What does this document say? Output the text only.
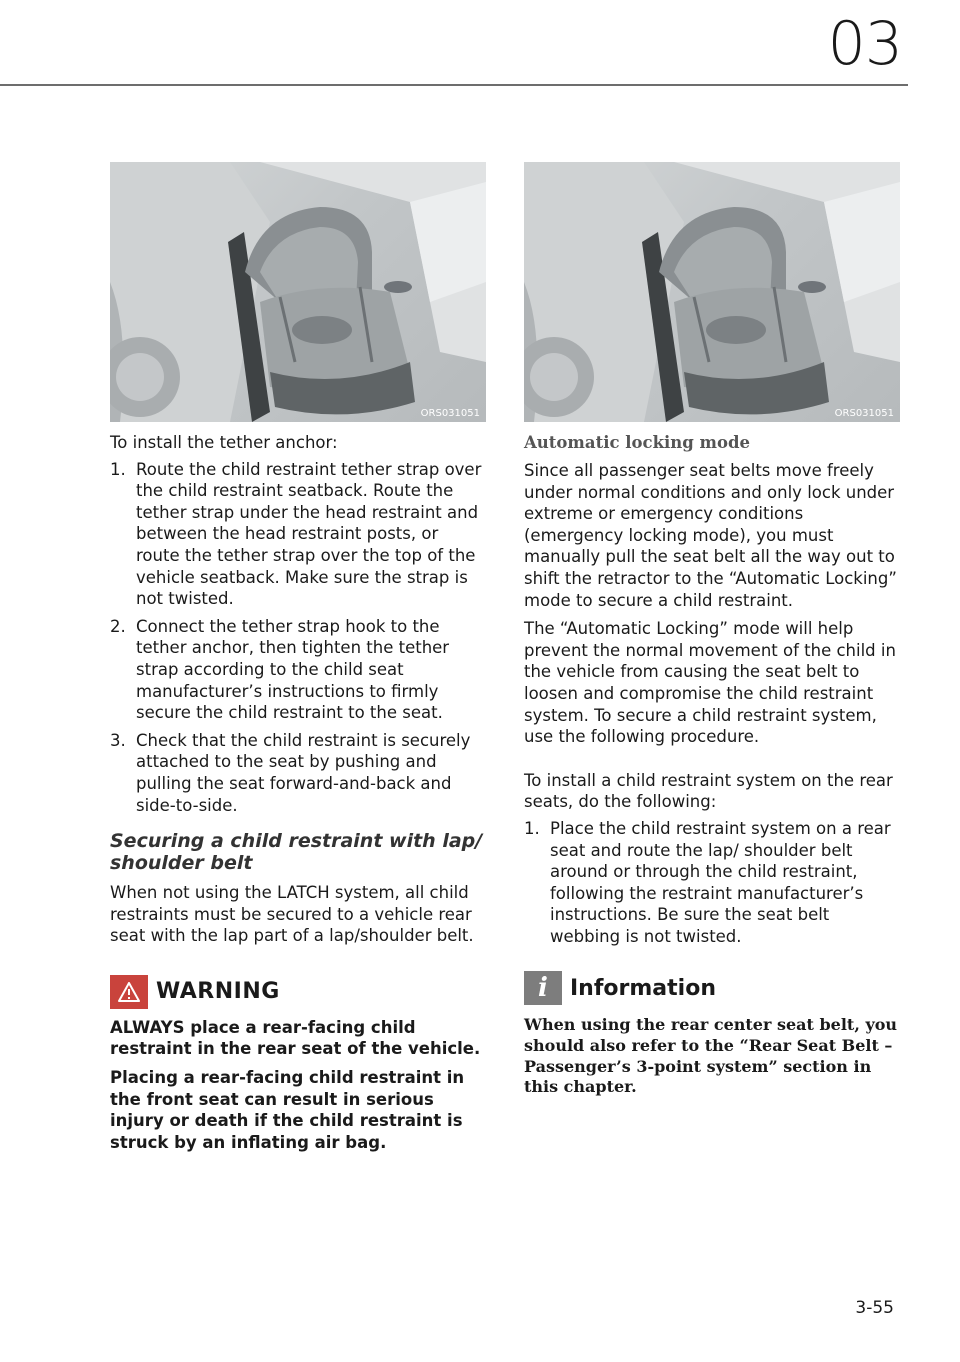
03
ORS031051	ORS031051

To install the tether anchor:

1. Route the child restraint tether strap over the child restraint seatback. Route the tether strap under the head restraint and between the head restraint posts, or route the tether strap over the top of the vehicle seatback. Make sure the strap is not twisted.
2. Connect the tether strap hook to the tether anchor, then tighten the tether strap according to the child seat manufacturer’s instructions to firmly secure the child restraint to the seat.
3. Check that the child restraint is securely attached to the seat by pushing and pulling the seat forward-and-back and side-to-side.
Securing a child restraint with lap/ shoulder belt

When not using the LATCH system, all child restraints must be secured to a vehicle rear seat with the lap part of a lap/shoulder belt.

WARNING

ALWAYS place a rear-facing child restraint in the rear seat of the vehicle.

Placing a rear-facing child restraint in the front seat can result in serious injury or death if the child restraint is struck by an inflating air bag.

Automatic locking mode

Since all passenger seat belts move freely under normal conditions and only lock under extreme or emergency conditions (emergency locking mode), you must manually pull the seat belt all the way out to shift the retractor to the “Automatic Locking” mode to secure a child restraint.

The “Automatic Locking” mode will help prevent the normal movement of the child in the vehicle from causing the seat belt to loosen and compromise the child restraint system. To secure a child restraint system, use the following procedure.

To install a child restraint system on the rear seats, do the following:

1. Place the child restraint system on a rear seat and route the lap/ shoulder belt around or through the child restraint, following the restraint manufacturer’s instructions. Be sure the seat belt webbing is not twisted.
i	Information

When using the rear center seat belt, you should also refer to the “Rear Seat Belt – Passenger’s 3-point system” section in this chapter.

3-55
